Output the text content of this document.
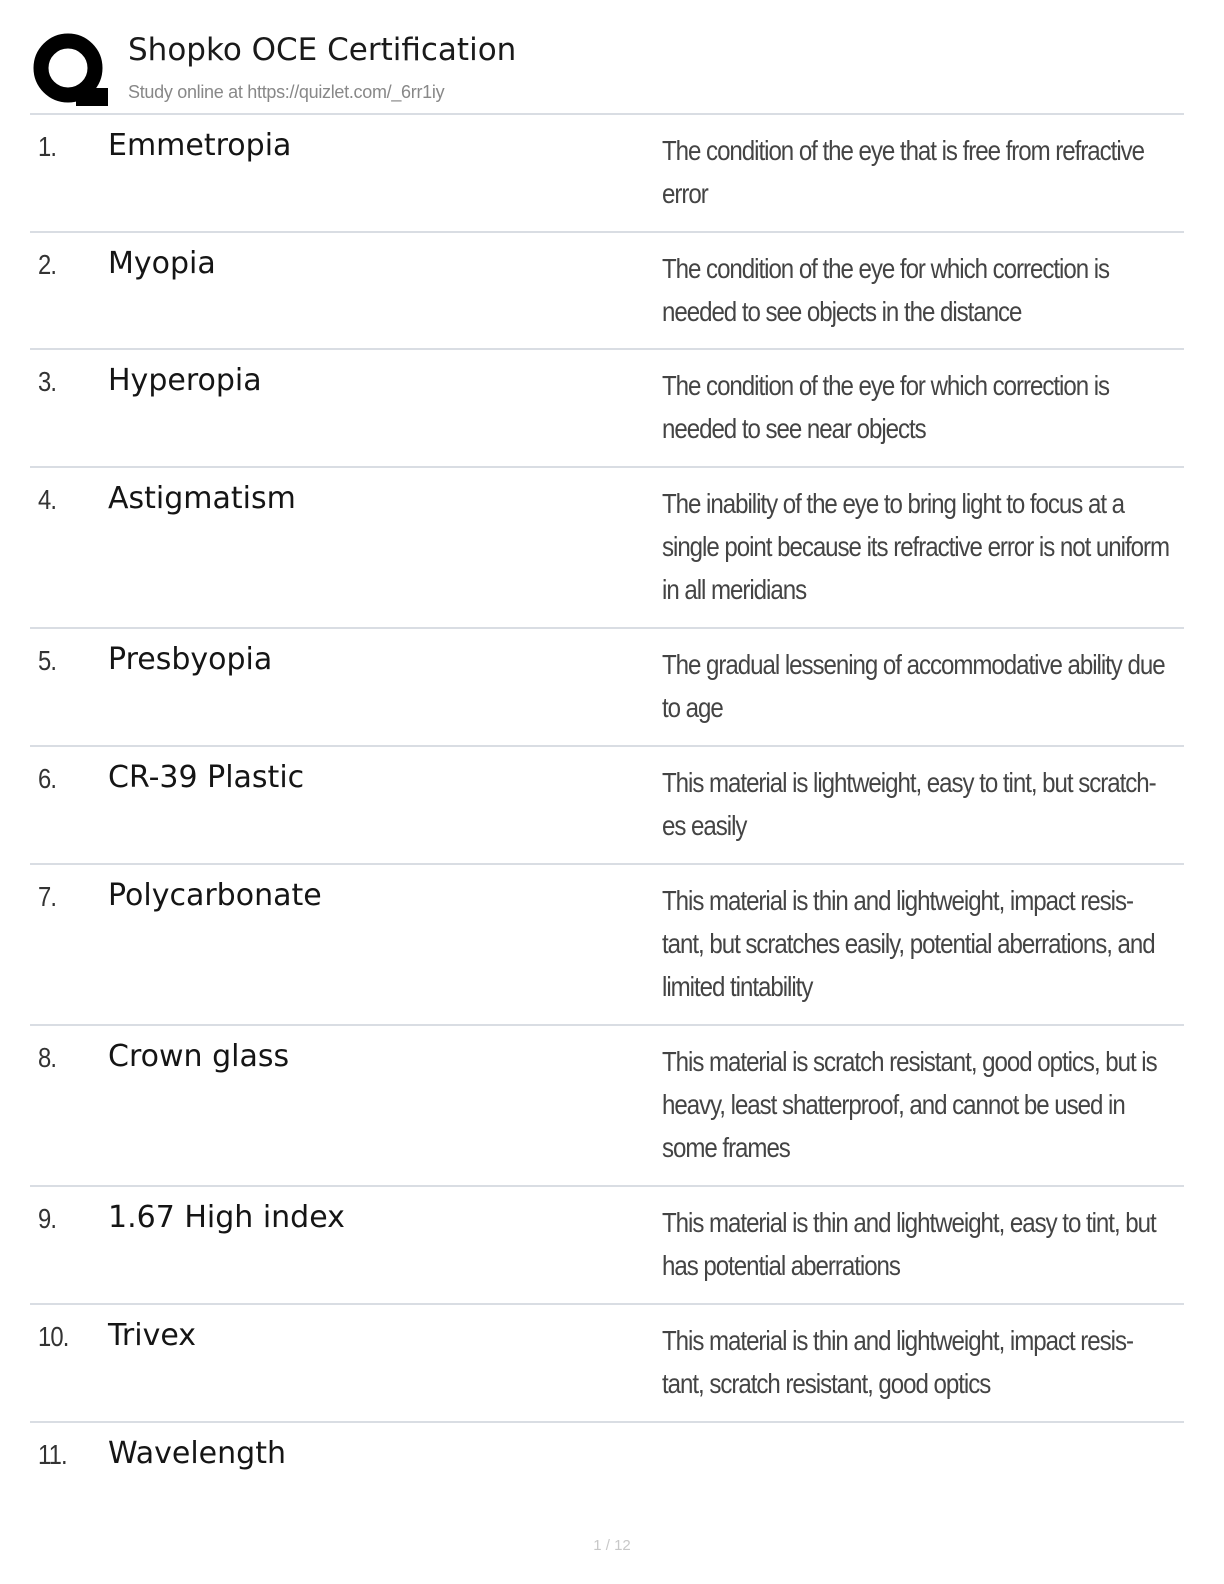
Shopko OCE Certification
Study online at https://quizlet.com/_6rr1iy
1. Emmetropia	The condition of the eye that is free from refractive error
2. Myopia	The condition of the eye for which correction is needed to see objects in the distance
3. Hyperopia	The condition of the eye for which correction is needed to see near objects
4. Astigmatism	The inability of the eye to bring light to focus at a single point because its refractive error is not uniform in all meridians
5. Presbyopia	The gradual lessening of accommodative ability due to age
6. CR-39 Plastic	This material is lightweight, easy to tint, but scratch-es easily
7. Polycarbonate	This material is thin and lightweight, impact resis-tant, but scratches easily, potential aberrations, and limited tintability
8. Crown glass	This material is scratch resistant, good optics, but is heavy, least shatterproof, and cannot be used in some frames
9. 1.67 High index	This material is thin and lightweight, easy to tint, but has potential aberrations
10. Trivex	This material is thin and lightweight, impact resis-tant, scratch resistant, good optics
11. Wavelength
1 / 12
